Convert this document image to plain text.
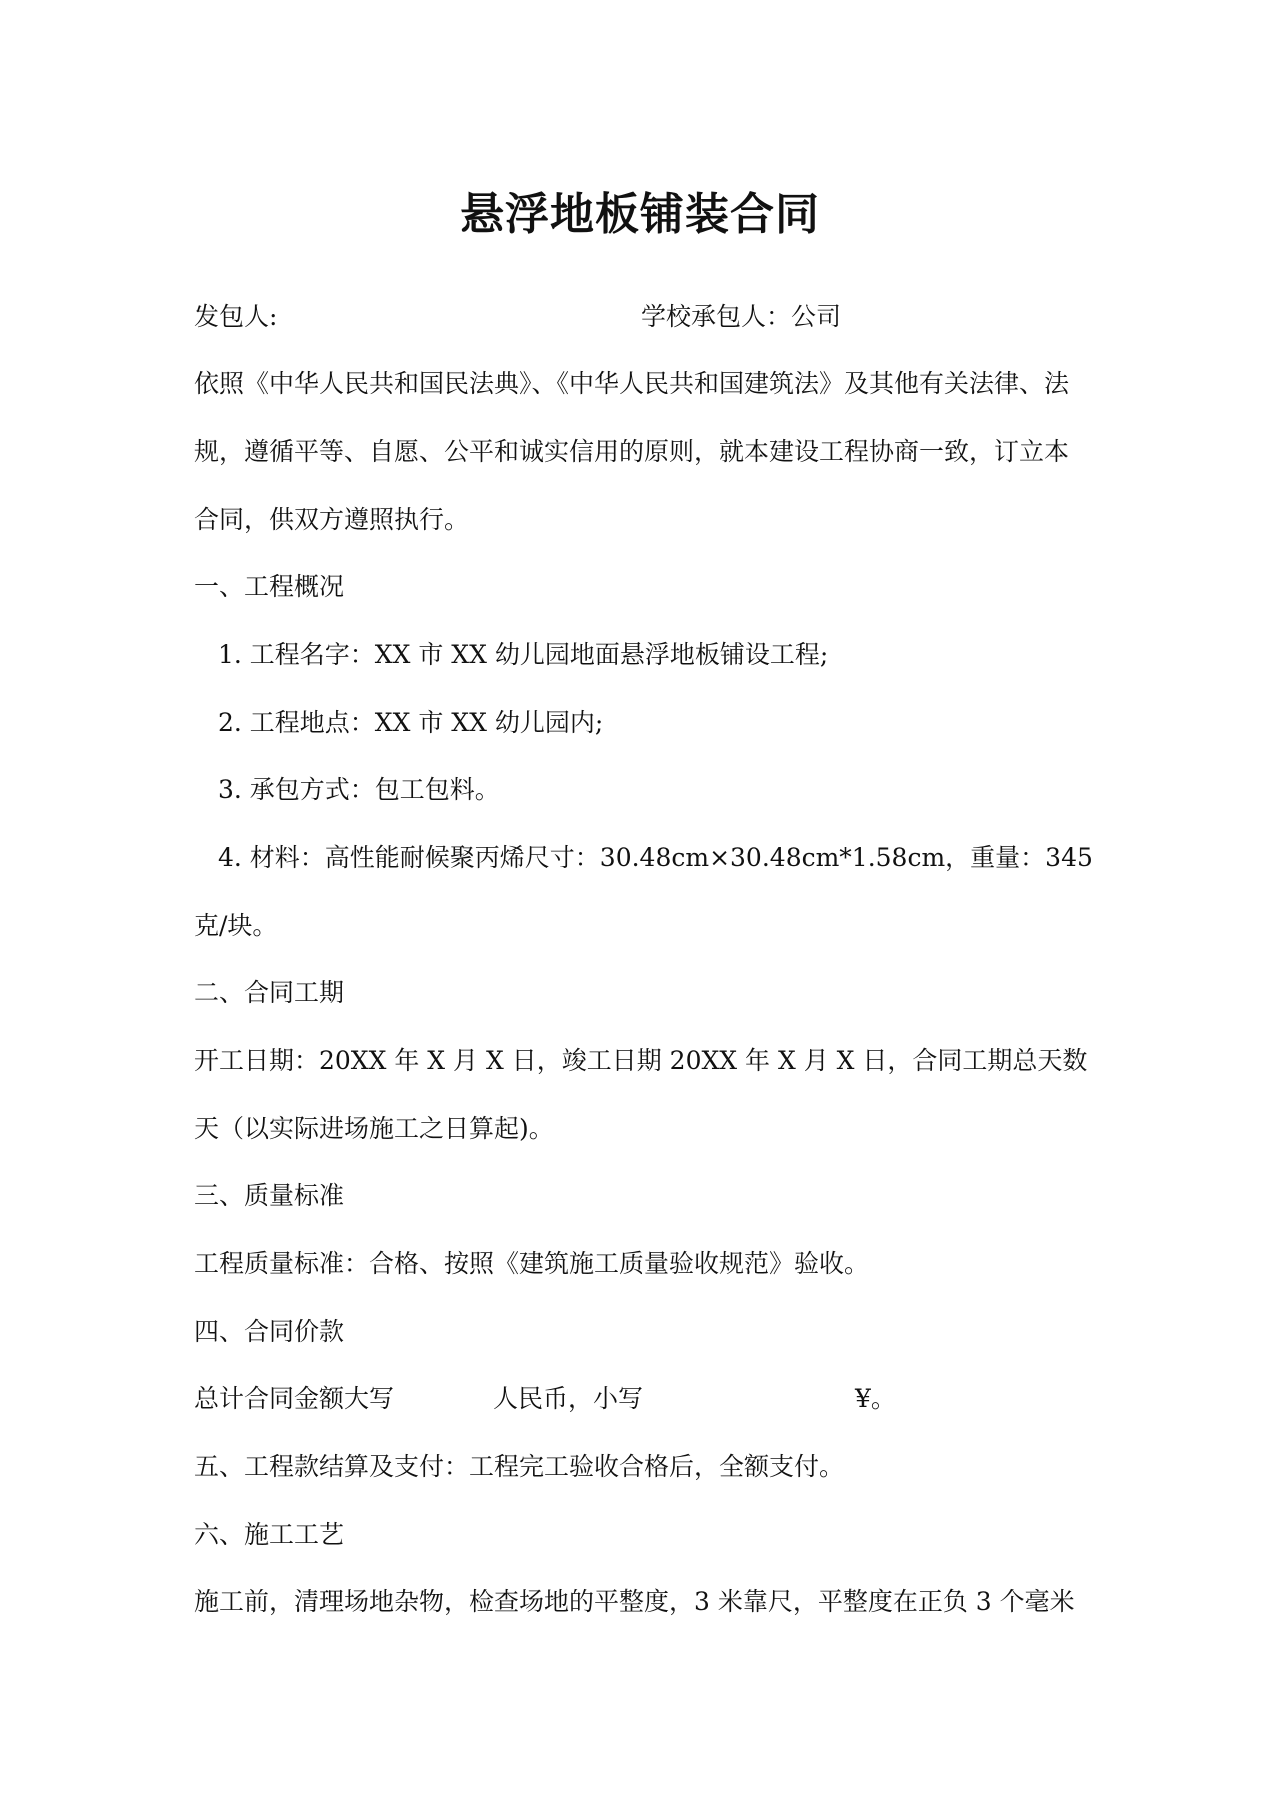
悬浮地板铺装合同
发包人:	学校承包人：公司

依照《中华人民共和国民法典》、《中华人民共和国建筑法》及其他有关法律、法

规，遵循平等、自愿、公平和诚实信用的原则，就本建设工程协商一致，订立本

合同，供双方遵照执行。

一、工程概况

1. 工程名字：XX 市 XX 幼儿园地面悬浮地板铺设工程;

2. 工程地点：XX 市 XX 幼儿园内;

3. 承包方式：包工包料。

4. 材料：高性能耐候聚丙烯尺寸：30.48cm×30.48cm*1.58cm，重量：345

克/块。

二、合同工期

开工日期：20XX 年 X 月 X 日，竣工日期 20XX 年 X 月 X 日，合同工期总天数

天（以实际进场施工之日算起)。

三、质量标准

工程质量标准：合格、按照《建筑施工质量验收规范》验收。

四、合同价款

总计合同金额大写	人民币，小写	¥。

五、工程款结算及支付：工程完工验收合格后，全额支付。

六、施工工艺

施工前，清理场地杂物，检查场地的平整度，3 米靠尺，平整度在正负 3 个毫米
